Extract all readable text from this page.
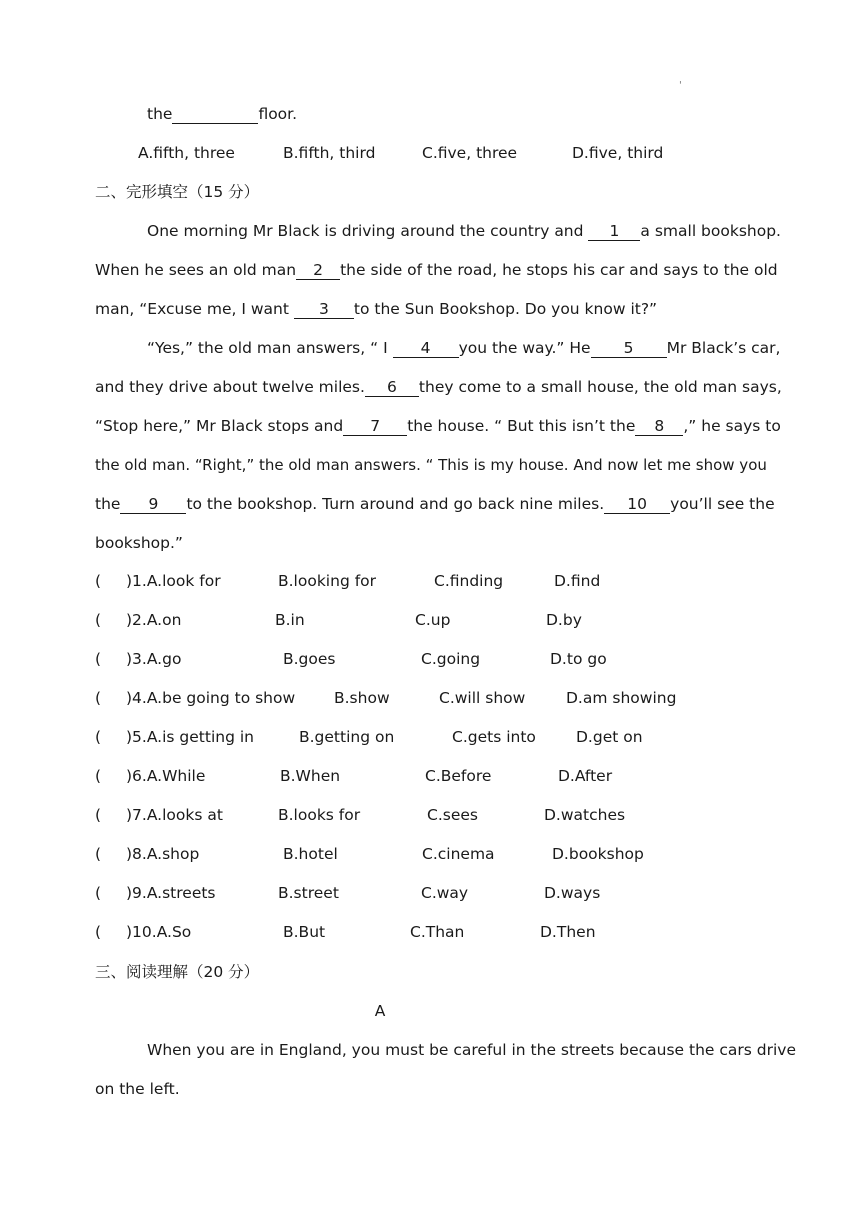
'
the	floor.
A.fifth, three	B.fifth, third	C.five, three	D.five, third
二、完形填空（15 分）
One morning Mr Black is driving around the country and 1 a small bookshop.
When he sees an old man	2 the side of the road, he stops his car and says to the old
man, “Excuse me, I want 3 to the Sun Bookshop. Do you know it?”
“Yes,” the old man answers, “ I 4 you the way.” He 5 Mr Black’s car,
and they drive about twelve miles.	6 they come to a small house, the old man says,
“Stop here,” Mr Black stops and 7 the house. “ But this isn’t the	8 ,” he says to
the old man. “Right,” the old man answers. “ This is my house. And now let me show you
the 9 to the bookshop. Turn around and go back nine miles.	10 you’ll see the
bookshop.”
( )1.A.look for	B.looking for	C.finding	D.find
( )2.A.on	B.in	C.up	D.by
( )3.A.go	B.goes	C.going	D.to go
( )4.A.be going to show	B.show	C.will show	D.am showing
( )5.A.is getting in	B.getting on	C.gets into	D.get on
( )6.A.While	B.When	C.Before	D.After
( )7.A.looks at	B.looks for	C.sees	D.watches
( )8.A.shop	B.hotel	C.cinema	D.bookshop
( )9.A.streets	B.street	C.way	D.ways
( )10.A.So	B.But	C.Than	D.Then
三、阅读理解（20 分）
A
When you are in England, you must be careful in the streets because the cars drive
on the left.
